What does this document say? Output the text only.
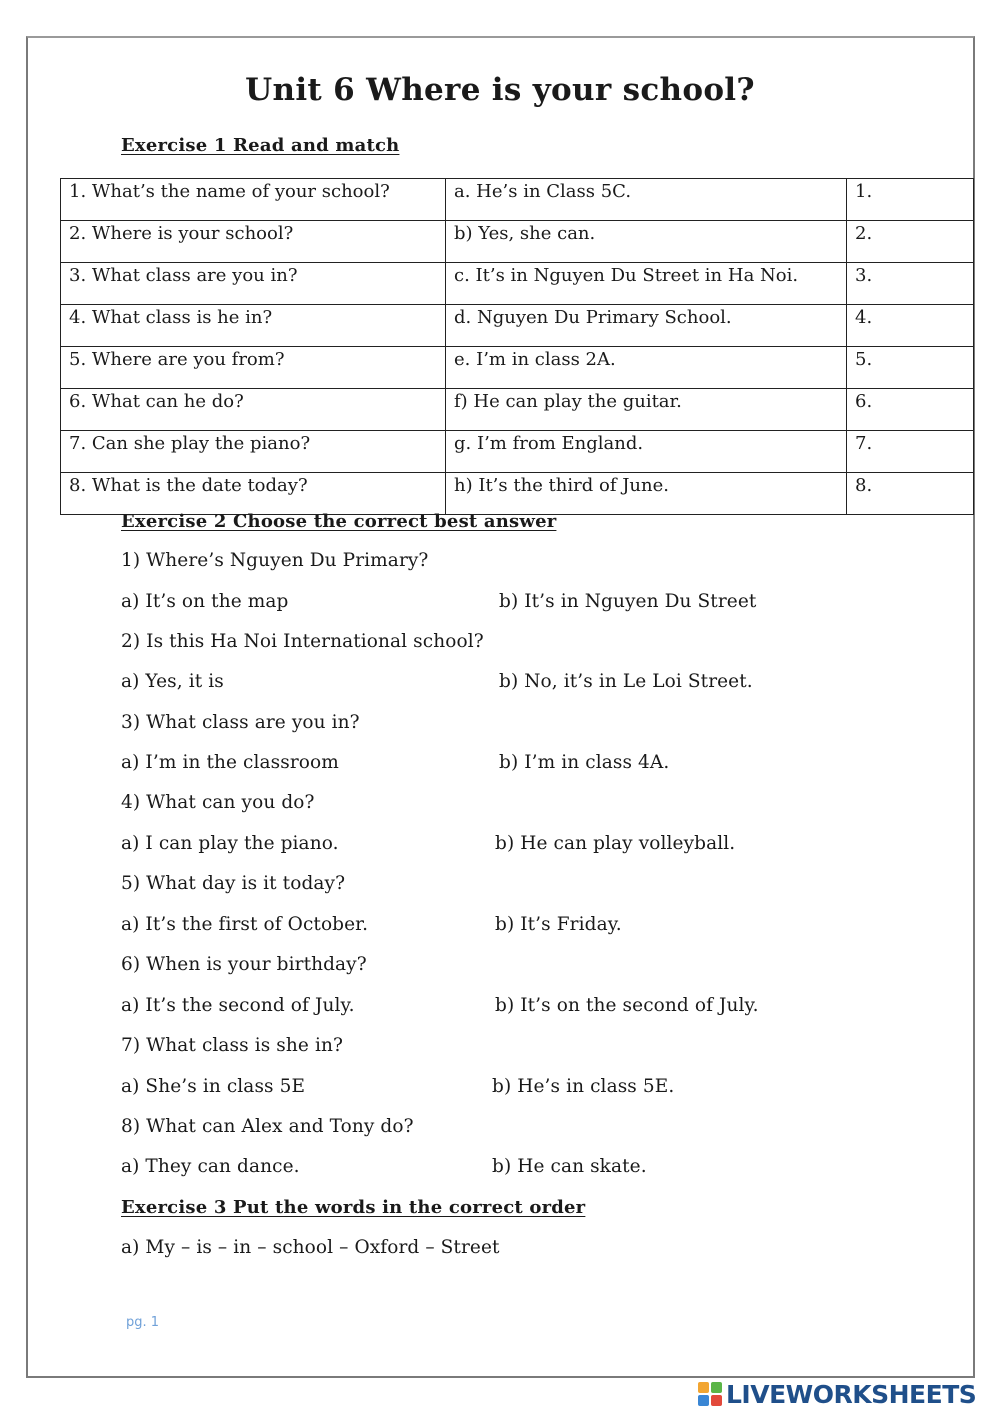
Unit 6 Where is your school?
Exercise 1 Read and match
1. What’s the name of your school?	a. He’s in Class 5C.	1.
2. Where is your school?	b) Yes, she can.	2.
3. What class are you in?	c. It’s in Nguyen Du Street in Ha Noi.	3.
4. What class is he in?	d. Nguyen Du Primary School.	4.
5. Where are you from?	e. I’m in class 2A.	5.
6. What can he do?	f) He can play the guitar.	6.
7. Can she play the piano?	g. I’m from England.	7.
8. What is the date today?	h) It’s the third of June.	8.
Exercise 2 Choose the correct best answer
1) Where’s Nguyen Du Primary?
a) It’s on the map	b) It’s in Nguyen Du Street
2) Is this Ha Noi International school?
a) Yes, it is	b) No, it’s in Le Loi Street.
3) What class are you in?
a) I’m in the classroom	b) I’m in class 4A.
4) What can you do?
a) I can play the piano.	b) He can play volleyball.
5) What day is it today?
a) It’s the first of October.	b) It’s Friday.
6) When is your birthday?
a) It’s the second of July.	b) It’s on the second of July.
7) What class is she in?
a) She’s in class 5E	b) He’s in class 5E.
8) What can Alex and Tony do?
a) They can dance.	b) He can skate.
Exercise 3 Put the words in the correct order
a) My – is – in – school – Oxford – Street
pg. 1
LIVEWORKSHEETS
